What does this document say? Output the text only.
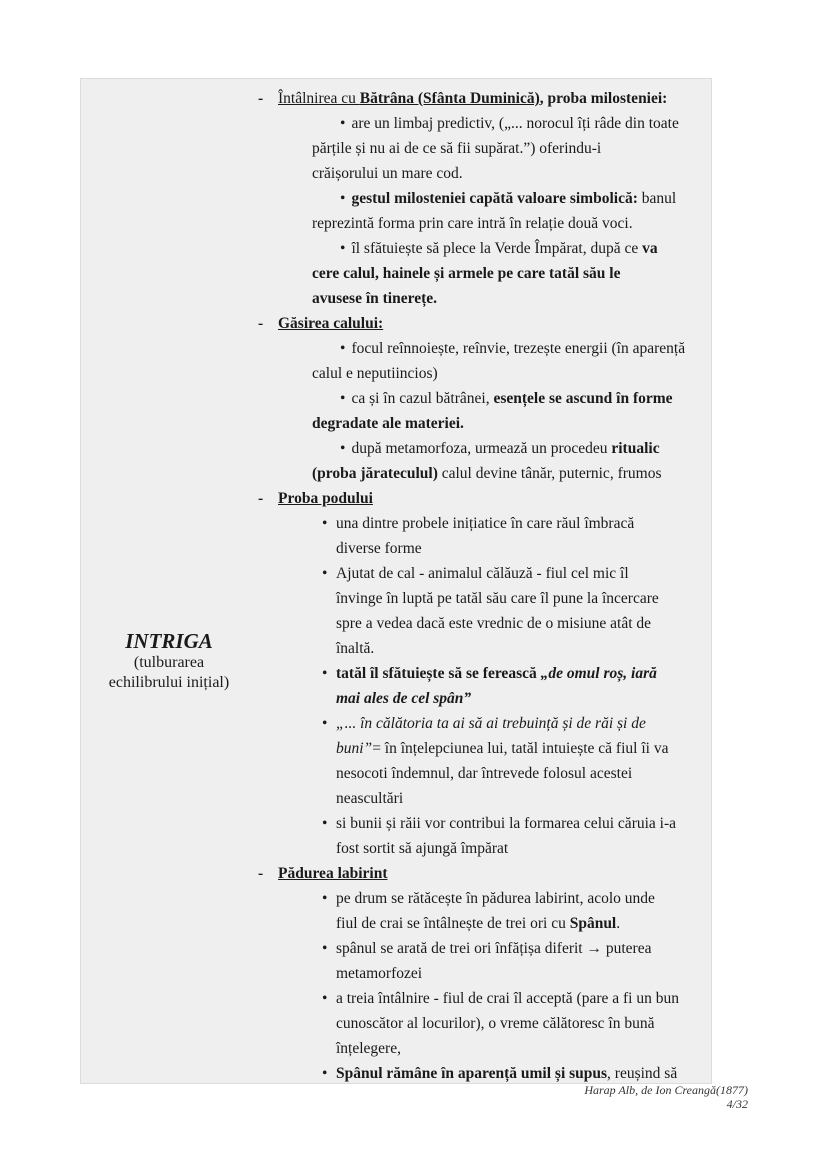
INTRIGA
(tulburarea
echilibrului inițial)
- Întâlnirea cu Bătrâna (Sfânta Duminică), proba milosteniei:
• are un limbaj predictiv, („... norocul îți râde din toate
părțile și nu ai de ce să fii supărat.”) oferindu-i
crăișorului un mare cod.
• gestul milosteniei capătă valoare simbolică: banul
reprezintă forma prin care intră în relație două voci.
• îl sfătuiește să plece la Verde Împărat, după ce va
cere calul, hainele și armele pe care tatăl său le
avusese în tinerețe.
- Găsirea calului:
• focul reînnoiește, reînvie, trezește energii (în aparență
calul e neputiincios)
• ca și în cazul bătrânei, esențele se ascund în forme
degradate ale materiei.
• după metamorfoza, urmează un procedeu ritualic
(proba jărateculul) calul devine tânăr, puternic, frumos
- Proba podului
• una dintre probele inițiatice în care răul îmbracă
diverse forme
• Ajutat de cal - animalul călăuză - fiul cel mic îl
învinge în luptă pe tatăl său care îl pune la încercare
spre a vedea dacă este vrednic de o misiune atât de
înaltă.
• tatăl îl sfătuiește să se ferească „de omul roș, iară
mai ales de cel spân”
• „... în călătoria ta ai să ai trebuință și de răi și de
buni”= în înțelepciunea lui, tatăl intuiește că fiul îi va
nesocoti îndemnul, dar întrevede folosul acestei
neascultări
• si bunii și răii vor contribui la formarea celui căruia i-a
fost sortit să ajungă împărat
- Pădurea labirint
• pe drum se rătăcește în pădurea labirint, acolo unde
fiul de crai se întâlnește de trei ori cu Spânul.
• spânul se arată de trei ori înfățișa diferit → puterea
metamorfozei
• a treia întâlnire - fiul de crai îl acceptă (pare a fi un bun
cunoscător al locurilor), o vreme călătoresc în bună
înțelegere,
• Spânul rămâne în aparență umil și supus, reușind să
Harap Alb, de Ion Creangă(1877)
4/32
